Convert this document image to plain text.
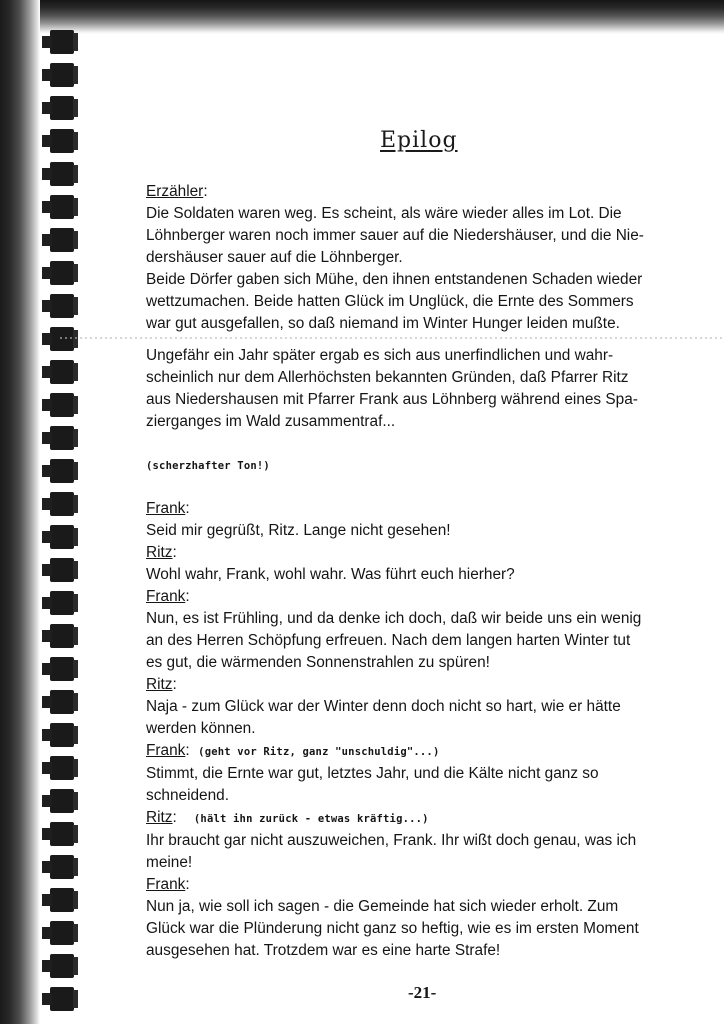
Epilog
Erzähler:
Die Soldaten waren weg. Es scheint, als wäre wieder alles im Lot. Die
Löhnberger waren noch immer sauer auf die Niedershäuser, und die Nie-
dershäuser sauer auf die Löhnberger.
Beide Dörfer gaben sich Mühe, den ihnen entstandenen Schaden wieder
wettzumachen. Beide hatten Glück im Unglück, die Ernte des Sommers
war gut ausgefallen, so daß niemand im Winter Hunger leiden mußte.
Ungefähr ein Jahr später ergab es sich aus unerfindlichen und wahr-
scheinlich nur dem Allerhöchsten bekannten Gründen, daß Pfarrer Ritz
aus Niedershausen mit Pfarrer Frank aus Löhnberg während eines Spa-
zierganges im Wald zusammentraf...
(scherzhafter Ton!)
Frank:
Seid mir gegrüßt, Ritz. Lange nicht gesehen!
Ritz:
Wohl wahr, Frank, wohl wahr. Was führt euch hierher?
Frank:
Nun, es ist Frühling, und da denke ich doch, daß wir beide uns ein wenig
an des Herren Schöpfung erfreuen. Nach dem langen harten Winter tut
es gut, die wärmenden Sonnenstrahlen zu spüren!
Ritz:
Naja - zum Glück war der Winter denn doch nicht so hart, wie er hätte
werden können.
Frank:  (geht vor Ritz, ganz "unschuldig"...)
Stimmt, die Ernte war gut, letztes Jahr, und die Kälte nicht ganz so
schneidend.
Ritz:    (hält ihn zurück - etwas kräftig...)
Ihr braucht gar nicht auszuweichen, Frank. Ihr wißt doch genau, was ich
meine!
Frank:
Nun ja, wie soll ich sagen - die Gemeinde hat sich wieder erholt. Zum
Glück war die Plünderung nicht ganz so heftig, wie es im ersten Moment
ausgesehen hat. Trotzdem war es eine harte Strafe!
-21-
